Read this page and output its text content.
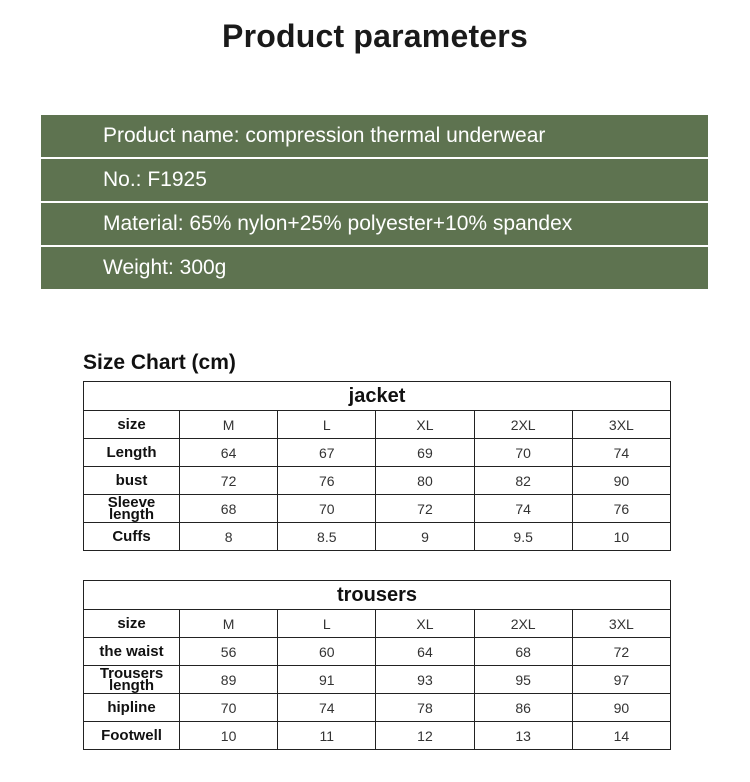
Product parameters
Product name: compression thermal underwear
No.: F1925
Material: 65% nylon+25% polyester+10% spandex
Weight: 300g
Size Chart (cm)
jacket					
size	M	L	XL	2XL	3XL
Length	64	67	69	70	74
bust	72	76	80	82	90
Sleeve length	68	70	72	74	76
Cuffs	8	8.5	9	9.5	10
trousers					
size	M	L	XL	2XL	3XL
the waist	56	60	64	68	72
Trousers length	89	91	93	95	97
hipline	70	74	78	86	90
Footwell	10	11	12	13	14
